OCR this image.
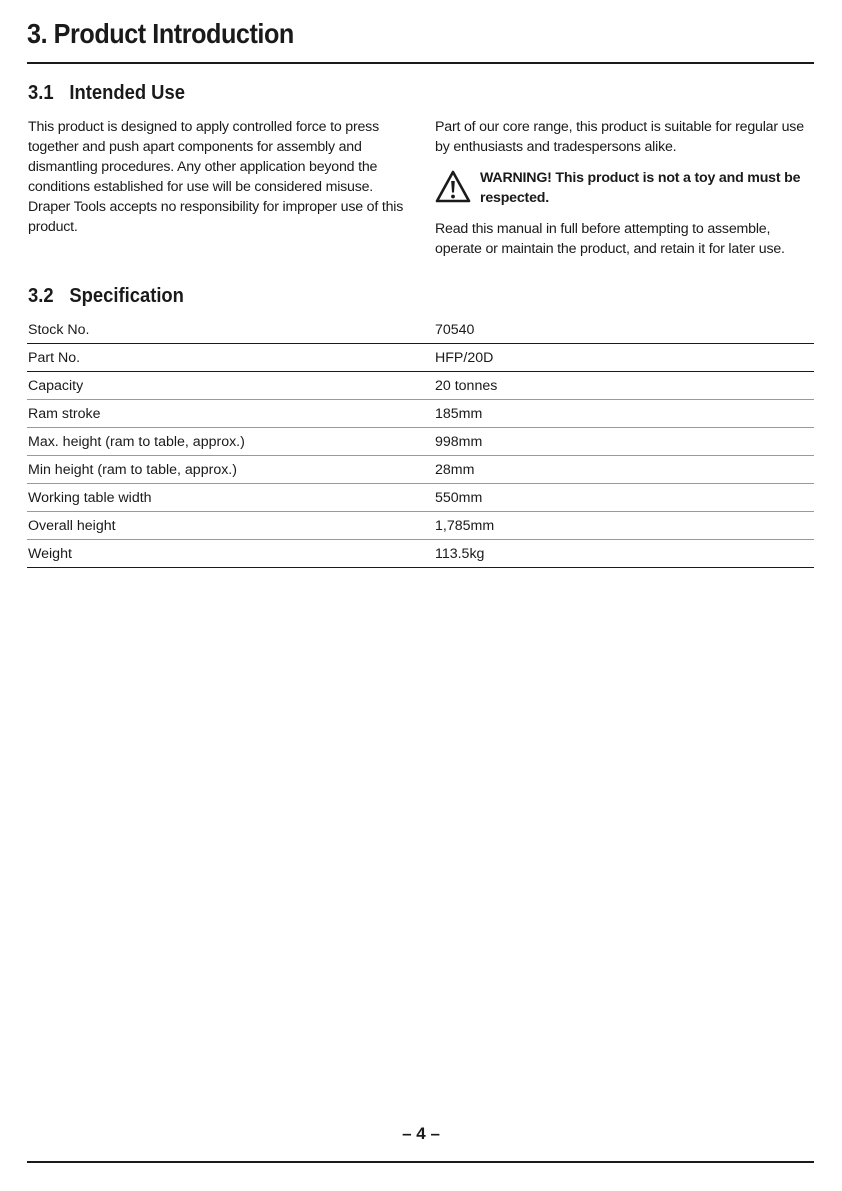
3. Product Introduction
3.1 Intended Use

This product is designed to apply controlled force to press together and push apart components for assembly and dismantling procedures. Any other application beyond the conditions established for use will be considered misuse. Draper Tools accepts no responsibility for improper use of this product.

Part of our core range, this product is suitable for regular use by enthusiasts and tradespersons alike.

WARNING! This product is not a toy and must be respected.

Read this manual in full before attempting to assemble, operate or maintain the product, and retain it for later use.

3.2 Specification
Stock No.	70540
Part No.	HFP/20D
Capacity	20 tonnes
Ram stroke	185mm
Max. height (ram to table, approx.)	998mm
Min height (ram to table, approx.)	28mm
Working table width	550mm
Overall height	1,785mm
Weight	113.5kg
– 4 –
